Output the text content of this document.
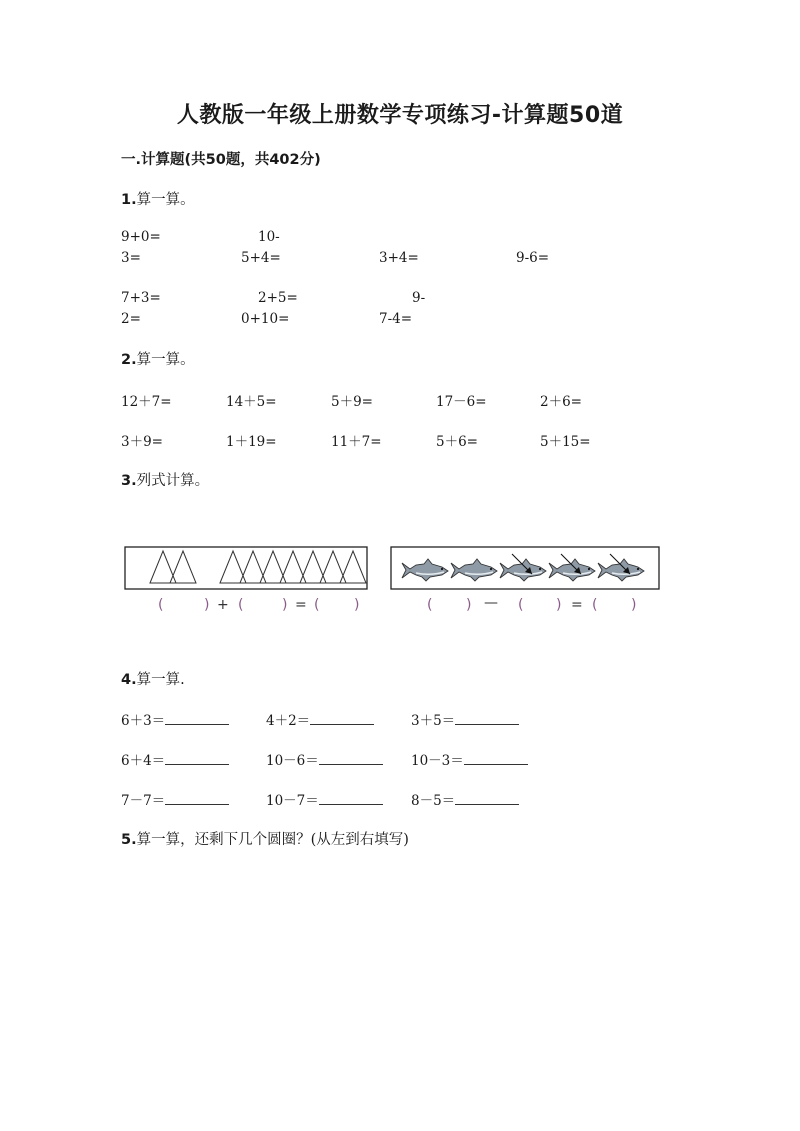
人教版一年级上册数学专项练习-计算题50道
一.计算题(共50题，共402分)
1.算一算。
9+0=	10-
3=	5+4=	3+4=	9-6=
7+3=	2+5=	9-
2=	0+10=	7-4=
2.算一算。
12＋7=	14＋5=	5＋9=	17－6=	2＋6=
3＋9=	1＋19=	11＋7=	5＋6=	5＋15=
3.列式计算。
(	) + (	) = ( )	( ) — ( ) = ( )
4.算一算.
6＋3＝	4＋2＝	3＋5＝
6＋4＝	10－6＝	10－3＝
7－7＝	10－7＝	8－5＝
5.算一算，还剩下几个圆圈？(从左到右填写)
